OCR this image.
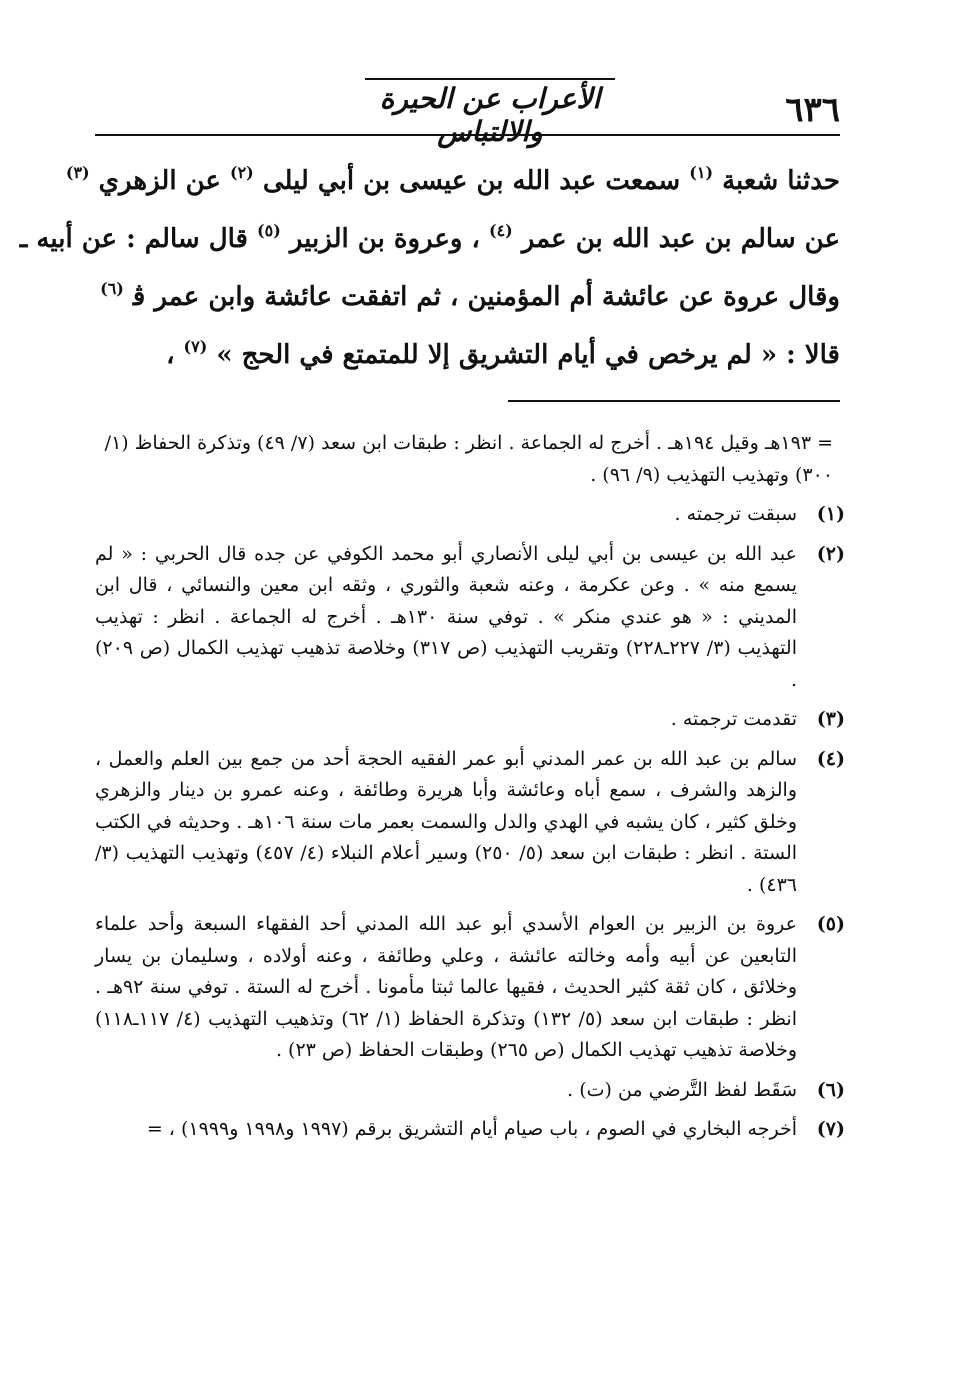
٦٣٦
الأعراب عن الحيرة والالتباس
حدثنا شعبة $^{(١)}$ سمعت عبد الله بن عيسى بن أبي ليلى $^{(٢)}$ عن الزهري $^{(٣)}$
عن سالم بن عبد الله بن عمر $^{(٤)}$ ، وعروة بن الزبير $^{(٥)}$ قال سالم : عن أبيه ـ
وقال عروة عن عائشة أم المؤمنين ، ثم اتفقت عائشة وابن عمر ﭬ $^{(٦)}$
قالا : « لم يرخص في أيام التشريق إلا للمتمتع في الحج » $^{(٧)}$ ،
= ١٩٣هـ وقيل ١٩٤هـ . أخرج له الجماعة . انظر : طبقات ابن سعد (٧/ ٤٩) وتذكرة الحفاظ (١/ ٣٠٠) وتهذيب التهذيب (٩/ ٩٦) .
(١)
سبقت ترجمته .
(٢)
عبد الله بن عيسى بن أبي ليلى الأنصاري أبو محمد الكوفي عن جده قال الحربي : « لم يسمع منه » . وعن عكرمة ، وعنه شعبة والثوري ، وثقه ابن معين والنسائي ، قال ابن المديني : « هو عندي منكر » . توفي سنة ١٣٠هـ . أخرج له الجماعة . انظر : تهذيب التهذيب (٣/ ٢٢٧ـ٢٢٨) وتقريب التهذيب (ص ٣١٧) وخلاصة تذهيب تهذيب الكمال (ص ٢٠٩) .
(٣)
تقدمت ترجمته .
(٤)
سالم بن عبد الله بن عمر المدني أبو عمر الفقيه الحجة أحد من جمع بين العلم والعمل ، والزهد والشرف ، سمع أباه وعائشة وأبا هريرة وطائفة ، وعنه عمرو بن دينار والزهري وخلق كثير ، كان يشبه في الهدي والدل والسمت بعمر مات سنة ١٠٦هـ . وحديثه في الكتب الستة . انظر : طبقات ابن سعد (٥/ ٢٥٠) وسير أعلام النبلاء (٤/ ٤٥٧) وتهذيب التهذيب (٣/ ٤٣٦) .
(٥)
عروة بن الزبير بن العوام الأسدي أبو عبد الله المدني أحد الفقهاء السبعة وأحد علماء التابعين عن أبيه وأمه وخالته عائشة ، وعلي وطائفة ، وعنه أولاده ، وسليمان بن يسار وخلائق ، كان ثقة كثير الحديث ، فقيها عالما ثبتا مأمونا . أخرج له الستة . توفي سنة ٩٢هـ . انظر : طبقات ابن سعد (٥/ ١٣٢) وتذكرة الحفاظ (١/ ٦٢) وتذهيب التهذيب (٤/ ١١٧ـ١١٨) وخلاصة تذهيب تهذيب الكمال (ص ٢٦٥) وطبقات الحفاظ (ص ٢٣) .
(٦)
سَقَط لفظ التَّرضي من (ت) .
(٧)
أخرجه البخاري في الصوم ، باب صيام أيام التشريق برقم (١٩٩٧ و١٩٩٨ و١٩٩٩) ، =
